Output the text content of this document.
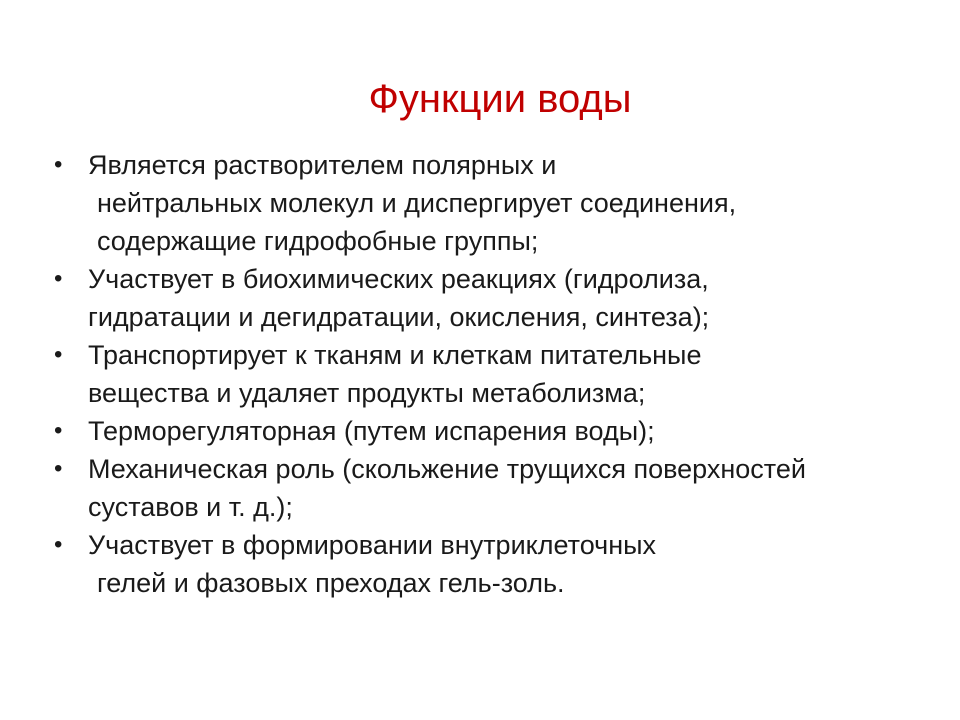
Функции воды
• Является растворителем полярных и
нейтральных молекул и диспергирует соединения,
содержащие гидрофобные группы;
• Участвует в биохимических реакциях (гидролиза,
гидратации и дегидратации, окисления, синтеза);
• Транспортирует к тканям и клеткам питательные
вещества и удаляет продукты метаболизма;
• Терморегуляторная (путем испарения воды);
• Механическая роль (скольжение трущихся поверхностей
суставов и т. д.);
• Участвует в формировании внутриклеточных
гелей и фазовых преходах гель-золь.
